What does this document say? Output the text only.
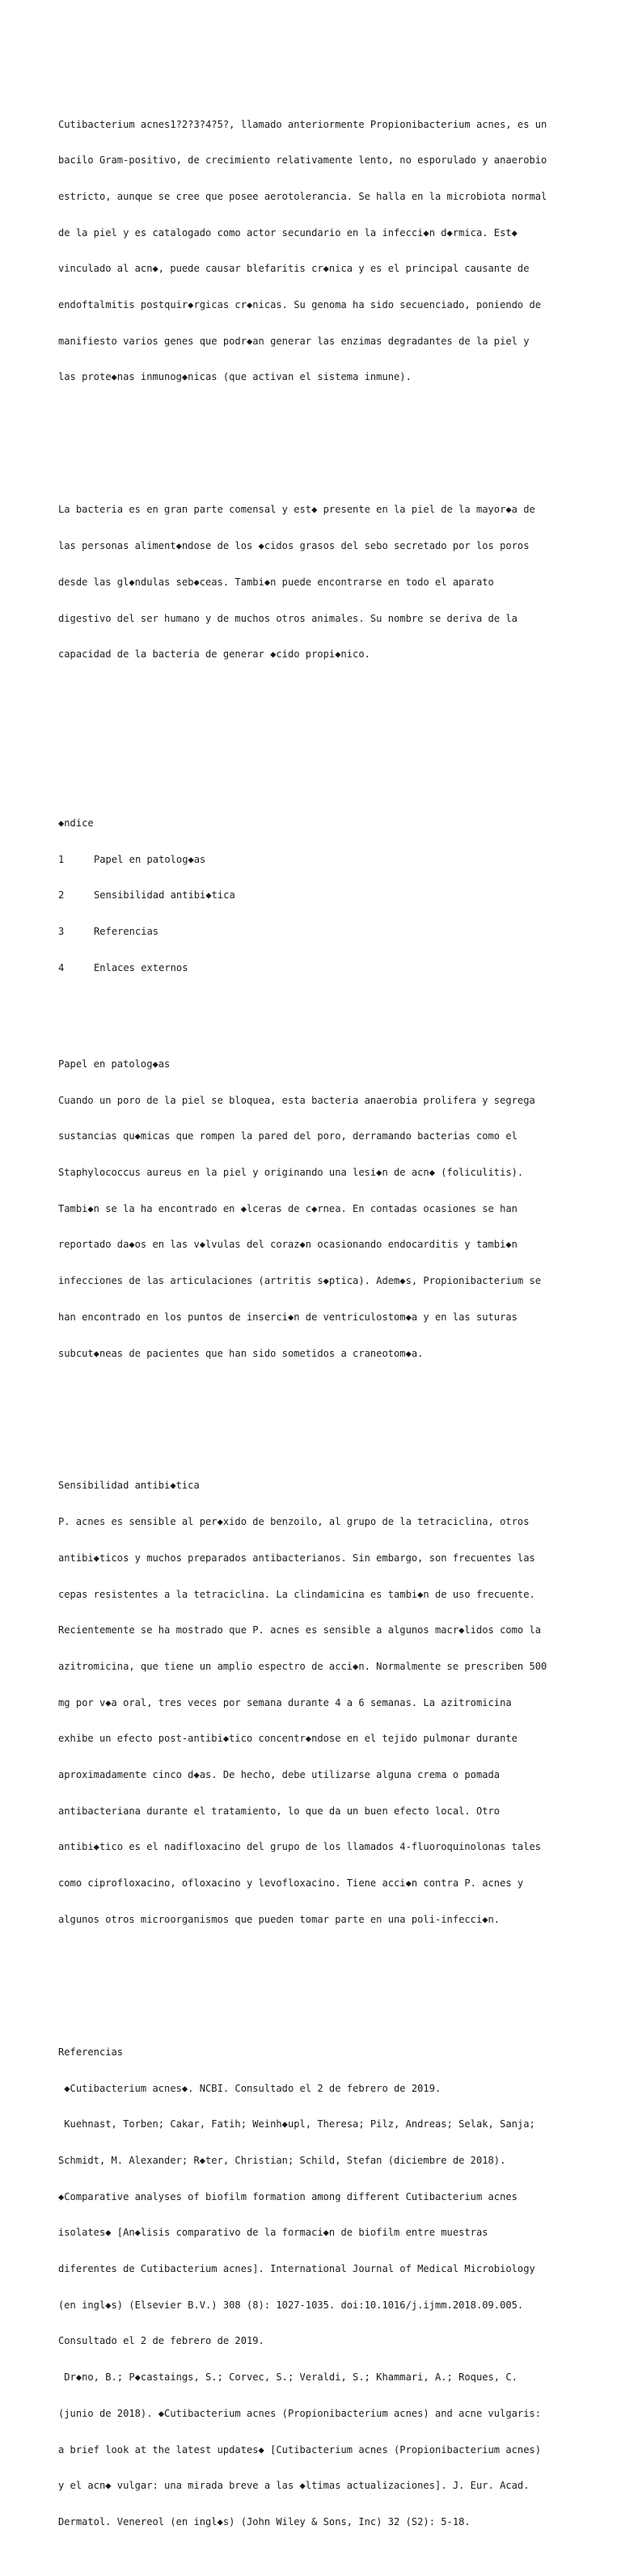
Cutibacterium acnes1?2?3?4?5?, llamado anteriormente Propionibacterium acnes, es un

bacilo Gram-positivo, de crecimiento relativamente lento, no esporulado y anaerobio

estricto, aunque se cree que posee aerotolerancia. Se halla en la microbiota normal

de la piel y es catalogado como actor secundario en la infecci◆n d◆rmica. Est◆

vinculado al acn◆, puede causar blefaritis cr◆nica y es el principal causante de

endoftalmitis postquir◆rgicas cr◆nicas. Su genoma ha sido secuenciado, poniendo de

manifiesto varios genes que podr◆an generar las enzimas degradantes de la piel y

las prote◆nas inmunog◆nicas (que activan el sistema inmune).

La bacteria es en gran parte comensal y est◆ presente en la piel de la mayor◆a de

las personas aliment◆ndose de los ◆cidos grasos del sebo secretado por los poros

desde las gl◆ndulas seb◆ceas. Tambi◆n puede encontrarse en todo el aparato

digestivo del ser humano y de muchos otros animales. Su nombre se deriva de la

capacidad de la bacteria de generar ◆cido propi◆nico.

◆ndice

1	Papel en patolog◆as

2	Sensibilidad antibi◆tica

3	Referencias

4	Enlaces externos

Papel en patolog◆as

Cuando un poro de la piel se bloquea, esta bacteria anaerobia prolifera y segrega

sustancias qu◆micas que rompen la pared del poro, derramando bacterias como el

Staphylococcus aureus en la piel y originando una lesi◆n de acn◆ (foliculitis).

Tambi◆n se la ha encontrado en ◆lceras de c◆rnea. En contadas ocasiones se han

reportado da◆os en las v◆lvulas del coraz◆n ocasionando endocarditis y tambi◆n

infecciones de las articulaciones (artritis s◆ptica). Adem◆s, Propionibacterium se

han encontrado en los puntos de inserci◆n de ventriculostom◆a y en las suturas

subcut◆neas de pacientes que han sido sometidos a craneotom◆a.

Sensibilidad antibi◆tica

P. acnes es sensible al per◆xido de benzoilo, al grupo de la tetraciclina, otros

antibi◆ticos y muchos preparados antibacterianos. Sin embargo, son frecuentes las

cepas resistentes a la tetraciclina. La clindamicina es tambi◆n de uso frecuente.

Recientemente se ha mostrado que P. acnes es sensible a algunos macr◆lidos como la

azitromicina, que tiene un amplio espectro de acci◆n. Normalmente se prescriben 500

mg por v◆a oral, tres veces por semana durante 4 a 6 semanas. La azitromicina

exhibe un efecto post-antibi◆tico concentr◆ndose en el tejido pulmonar durante

aproximadamente cinco d◆as. De hecho, debe utilizarse alguna crema o pomada

antibacteriana durante el tratamiento, lo que da un buen efecto local. Otro

antibi◆tico es el nadifloxacino del grupo de los llamados 4-fluoroquinolonas tales

como ciprofloxacino, ofloxacino y levofloxacino. Tiene acci◆n contra P. acnes y

algunos otros microorganismos que pueden tomar parte en una poli-infecci◆n.

Referencias

◆Cutibacterium acnes◆. NCBI. Consultado el 2 de febrero de 2019.

Kuehnast, Torben; Cakar, Fatih; Weinh◆upl, Theresa; Pilz, Andreas; Selak, Sanja;

Schmidt, M. Alexander; R◆ter, Christian; Schild, Stefan (diciembre de 2018).

◆Comparative analyses of biofilm formation among different Cutibacterium acnes

isolates◆ [An◆lisis comparativo de la formaci◆n de biofilm entre muestras

diferentes de Cutibacterium acnes]. International Journal of Medical Microbiology

(en ingl◆s) (Elsevier B.V.) 308 (8): 1027-1035. doi:10.1016/j.ijmm.2018.09.005.

Consultado el 2 de febrero de 2019.

Dr◆no, B.; P◆castaings, S.; Corvec, S.; Veraldi, S.; Khammari, A.; Roques, C.

(junio de 2018). ◆Cutibacterium acnes (Propionibacterium acnes) and acne vulgaris:

a brief look at the latest updates◆ [Cutibacterium acnes (Propionibacterium acnes)

y el acn◆ vulgar: una mirada breve a las ◆ltimas actualizaciones]. J. Eur. Acad.

Dermatol. Venereol (en ingl◆s) (John Wiley & Sons, Inc) 32 (S2): 5-18.
